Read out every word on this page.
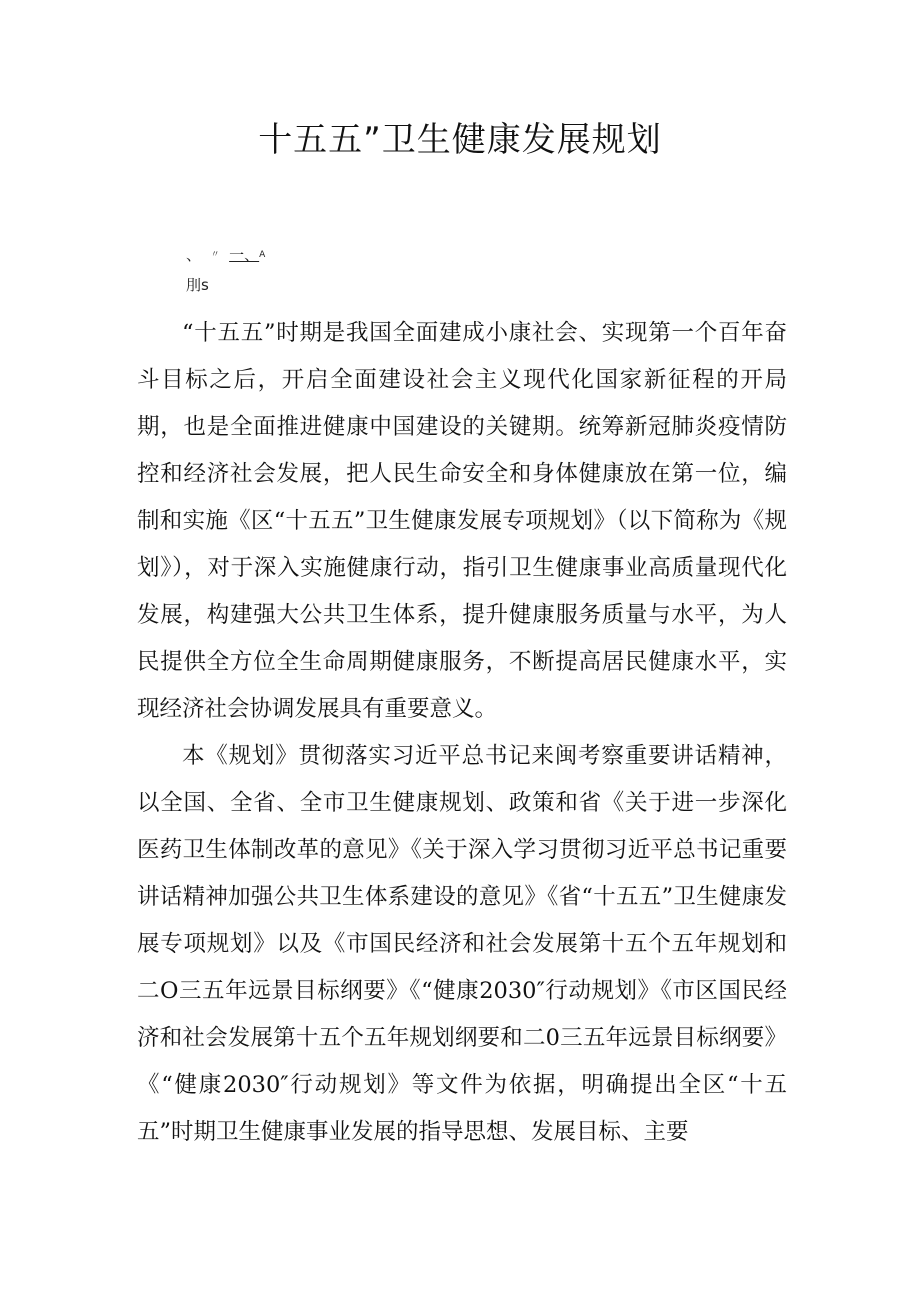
十五五”卫生健康发展规划
、 〃 一、$^A$
刖s

“十五五”时期是我国全面建成小康社会、实现第一个百年奋斗目标之后，开启全面建设社会主义现代化国家新征程的开局期，也是全面推进健康中国建设的关键期。统筹新冠肺炎疫情防控和经济社会发展，把人民生命安全和身体健康放在第一位，编制和实施《区“十五五”卫生健康发展专项规划》（以下简称为《规划》），对于深入实施健康行动，指引卫生健康事业高质量现代化发展，构建强大公共卫生体系，提升健康服务质量与水平，为人民提供全方位全生命周期健康服务，不断提高居民健康水平，实现经济社会协调发展具有重要意义。

本《规划》贯彻落实习近平总书记来闽考察重要讲话精神，以全国、全省、全市卫生健康规划、政策和省《关于进一步深化医药卫生体制改革的意见》《关于深入学习贯彻习近平总书记重要讲话精神加强公共卫生体系建设的意见》《省“十五五”卫生健康发展专项规划》以及《市国民经济和社会发展第十五个五年规划和二O三五年远景目标纲要》《“健康2030″行动规划》《市区国民经济和社会发展第十五个五年规划纲要和二0三五年远景目标纲要》《“健康2030″行动规划》等文件为依据，明确提出全区“十五五”时期卫生健康事业发展的指导思想、发展目标、主要
